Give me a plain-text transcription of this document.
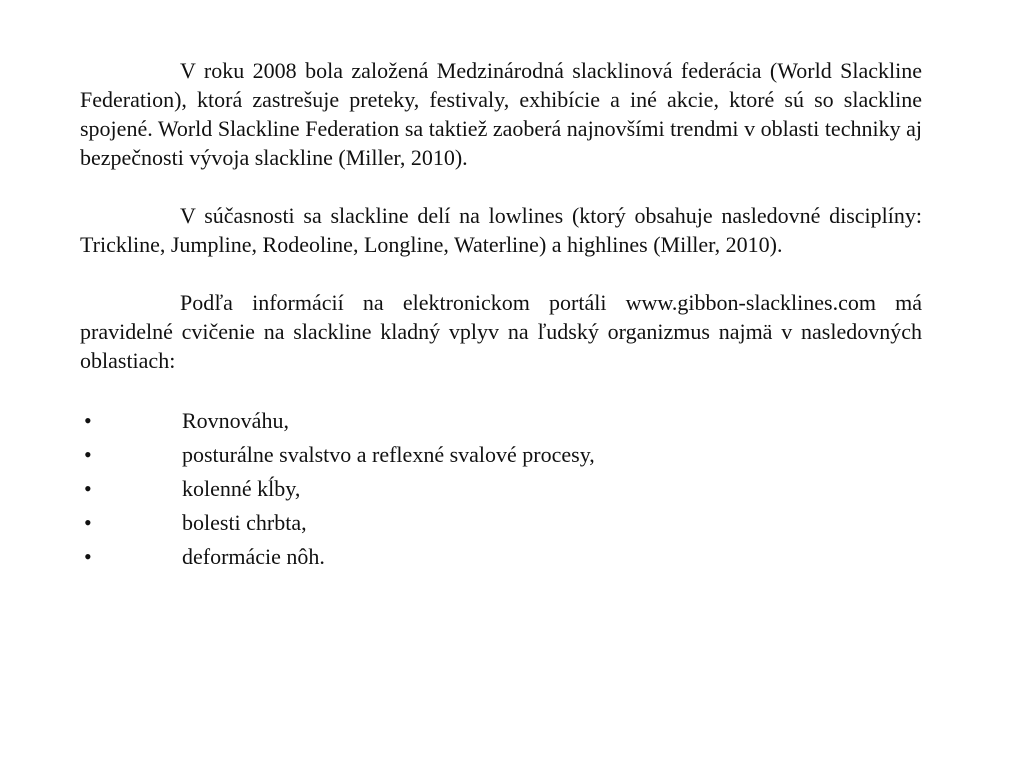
V roku 2008 bola založená Medzinárodná slacklinová federácia (World Slackline Federation), ktorá zastrešuje preteky, festivaly, exhibície a iné akcie, ktoré sú so slackline spojené. World Slackline Federation sa taktiež zaoberá najnovšími trendmi v oblasti techniky aj bezpečnosti vývoja slackline (Miller, 2010).

V súčasnosti sa slackline delí na lowlines (ktorý obsahuje nasledovné disciplíny: Trickline, Jumpline, Rodeoline, Longline, Waterline) a highlines (Miller, 2010).

Podľa informácií na elektronickom portáli www.gibbon-slacklines.com má pravidelné cvičenie na slackline kladný vplyv na ľudský organizmus najmä v nasledovných oblastiach:

•	Rovnováhu,
•	posturálne svalstvo a reflexné svalové procesy,
•	kolenné kĺby,
•	bolesti chrbta,
•	deformácie nôh.
